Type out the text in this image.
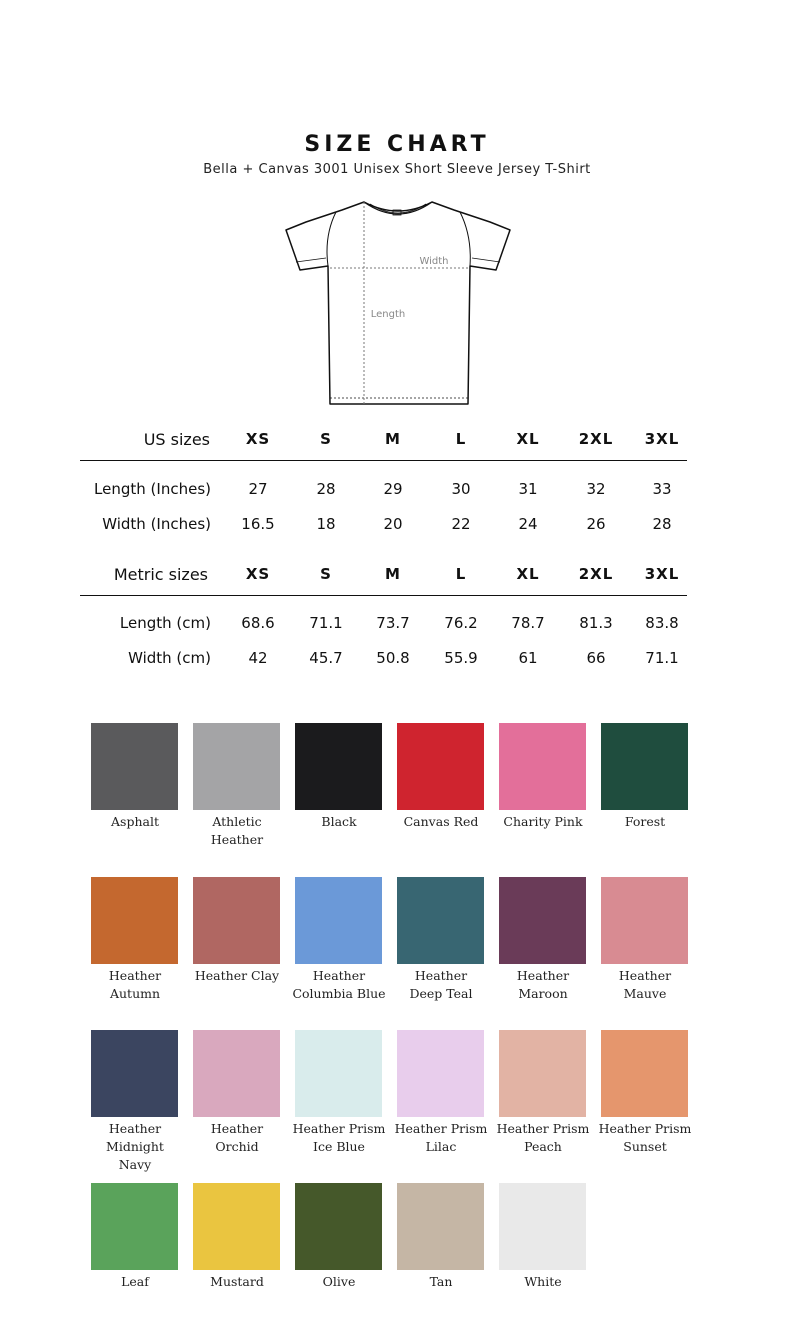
SIZE CHART
Bella + Canvas 3001 Unisex Short Sleeve Jersey T-Shirt
Width
Length
US sizes	XS	S	M	L	XL	2XL	3XL
Length (Inches)	27	28	29	30	31	32	33
Width (Inches)	16.5	18	20	22	24	26	28
Metric sizes	XS	S	M	L	XL	2XL	3XL
Length (cm)	68.6	71.1	73.7	76.2	78.7	81.3	83.8
Width (cm)	42	45.7	50.8	55.9	61	66	71.1
Asphalt	Athletic
Heather
Black	Canvas Red	Charity Pink	Forest
Heather
Autumn
Heather Clay	Heather
Columbia Blue
Heather
Deep Teal
Heather
Maroon
Heather
Mauve
Heather
Midnight
Navy
Heather
Orchid
Heather Prism
Ice Blue
Heather Prism
Lilac
Heather Prism
Peach
Heather Prism
Sunset
Leaf	Mustard	Olive	Tan	White
